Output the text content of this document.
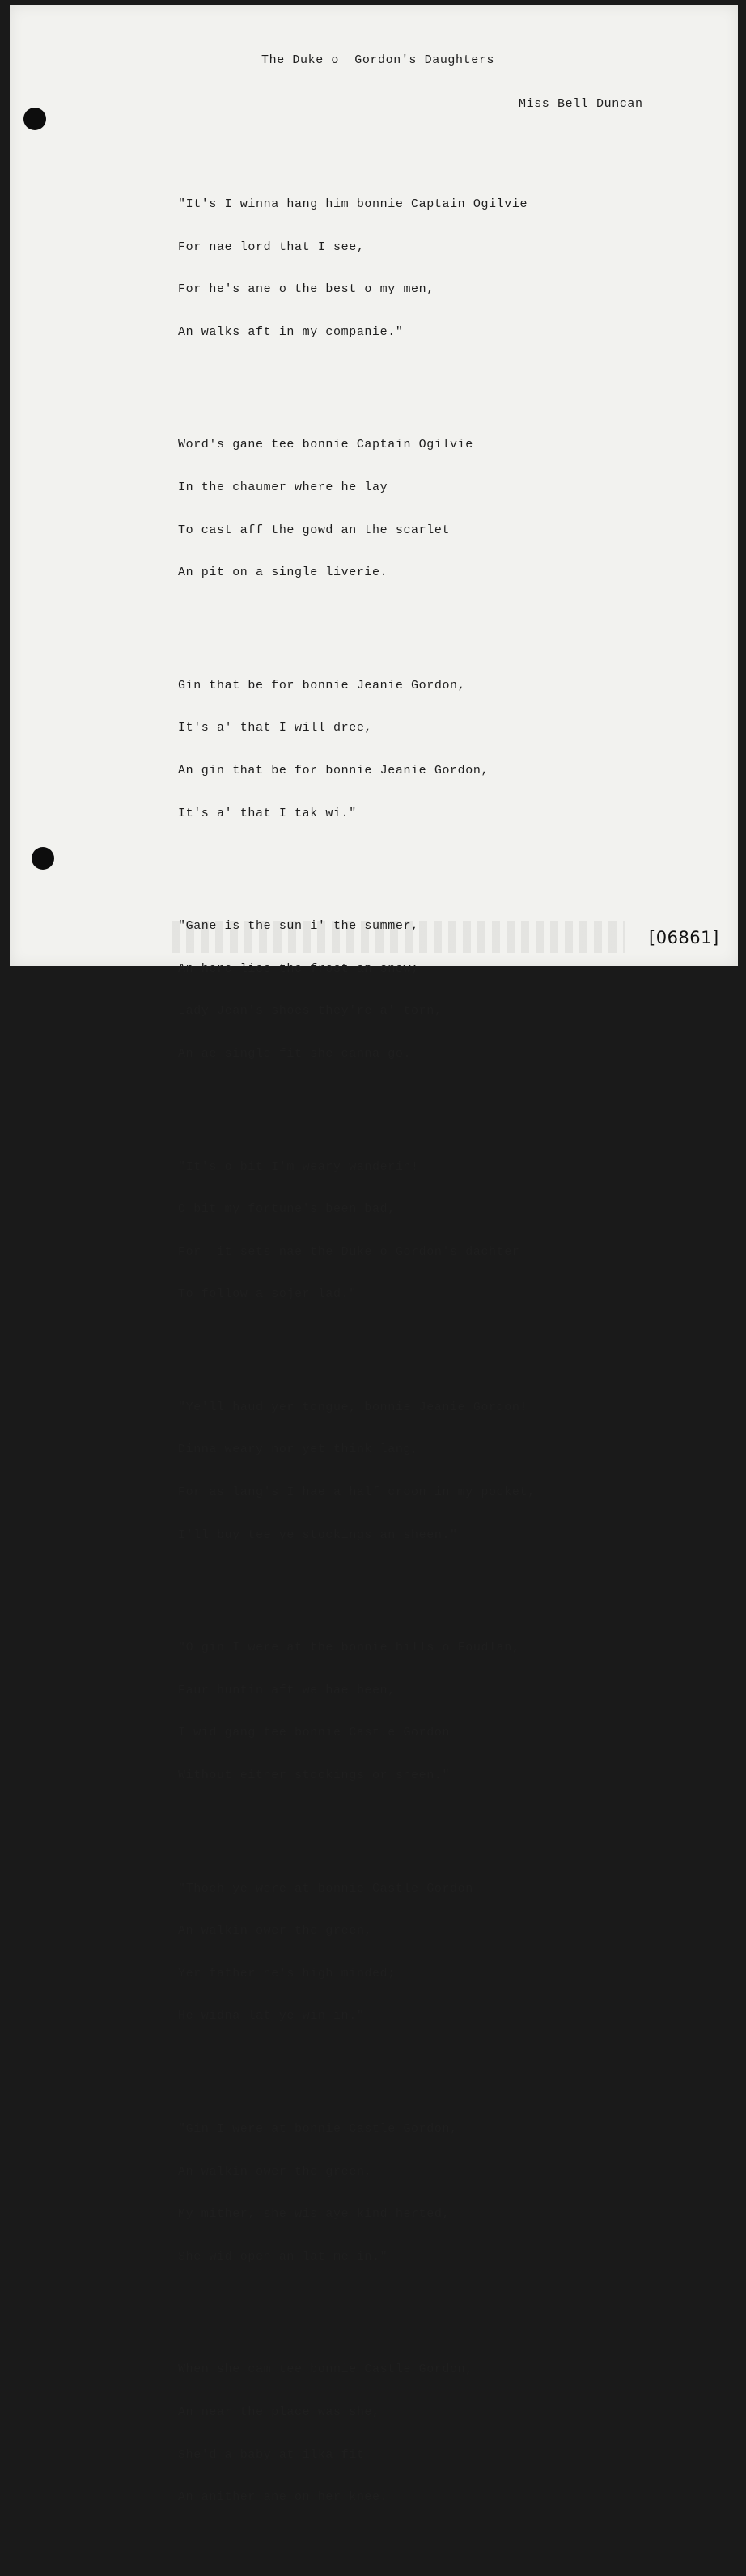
The Duke o  Gordon's Daughters
Miss Bell Duncan

"It's I winna hang him bonnie Captain Ogilvie

For nae lord that I see,

For he's ane o the best o my men,

An walks aft in my companie."

Word's gane tee bonnie Captain Ogilvie

In the chaumer where he lay

To cast aff the gowd an the scarlet

An pit on a single liverie.

Gin that be for bonnie Jeanie Gordon,

It's a' that I will dree,

An gin that be for bonnie Jeanie Gordon,

It's a' that I tak wi."

"Gane is the sun i' the summer,

An here lies the frost an snow;

Lady Jean's shoes they're a' torn,

An ae single fit she canna go.

"It's o bit I'm weary wanderin!

O bit my fortune's been bad,

For  it sets nae the Duke o Gordon's dachter

To follow a sojer lad."

"Ye'll haud yer tongue, bonnie Jeanie Gordon!

Dinna weary nor yet think lang,

For as lang's I hae a half croon in my pocket,

I'll buy tee ye stockings an sheen."

"O gin I were at the bonnie hills o Foudlan,

Faur huntin aft we hae been,

I wid gang tee bonnie Castle Gordon

Without either stockings or sheen."

"Thoch ye were at bonnie Castle Gordon

An walkin ower the green,

Yer father he's high minded;

He widna lat ye win in."

"Gin I were at bonnie Castle Gordon,

An walkin ower the green,

My mither, she wis aye kind herted,

She wid open an lat me in."

When she cam tee bonnie Castle Gordon,

An near the place was she,

She'd a baby at ilka fit

An anither ane on her knee.

[06861]
